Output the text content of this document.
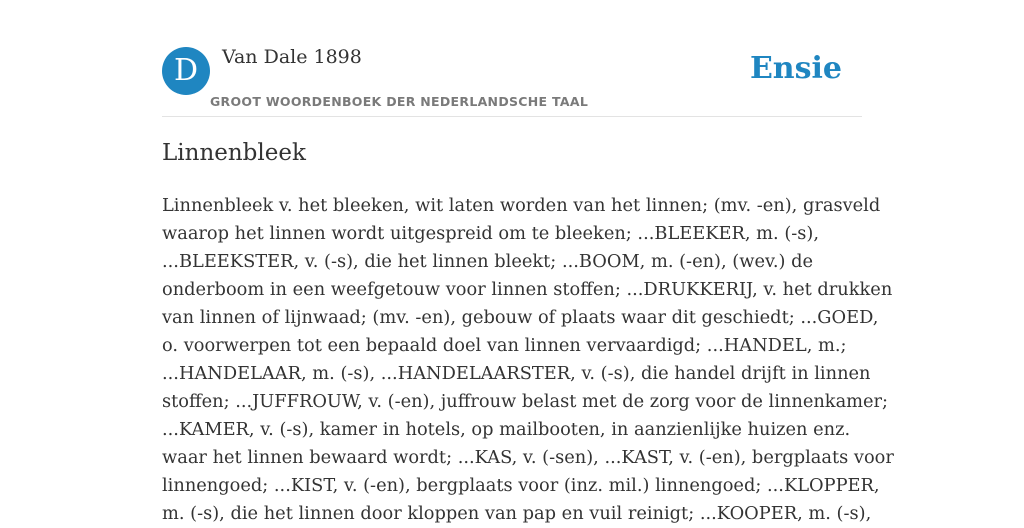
D	Van Dale 1898
GROOT WOORDENBOEK DER NEDERLANDSCHE TAAL
Ensie
Linnenbleek
Linnenbleek v. het bleeken, wit laten worden van het linnen; (mv. -en), grasveld
waarop het linnen wordt uitgespreid om te bleeken; ...BLEEKER, m. (-s),
...BLEEKSTER, v. (-s), die het linnen bleekt; ...BOOM, m. (-en), (wev.) de
onderboom in een weefgetouw voor linnen stoffen; ...DRUKKERIJ, v. het drukken
van linnen of lijnwaad; (mv. -en), gebouw of plaats waar dit geschiedt; ...GOED,
o. voorwerpen tot een bepaald doel van linnen vervaardigd; ...HANDEL, m.;
...HANDELAAR, m. (-s), ...HANDELAARSTER, v. (-s), die handel drijft in linnen
stoffen; ...JUFFROUW, v. (-en), juffrouw belast met de zorg voor de linnenkamer;
...KAMER, v. (-s), kamer in hotels, op mailbooten, in aanzienlijke huizen enz.
waar het linnen bewaard wordt; ...KAS, v. (-sen), ...KAST, v. (-en), bergplaats voor
linnengoed; ...KIST, v. (-en), bergplaats voor (inz. mil.) linnengoed; ...KLOPPER,
m. (-s), die het linnen door kloppen van pap en vuil reinigt; ...KOOPER, m. (-s),
